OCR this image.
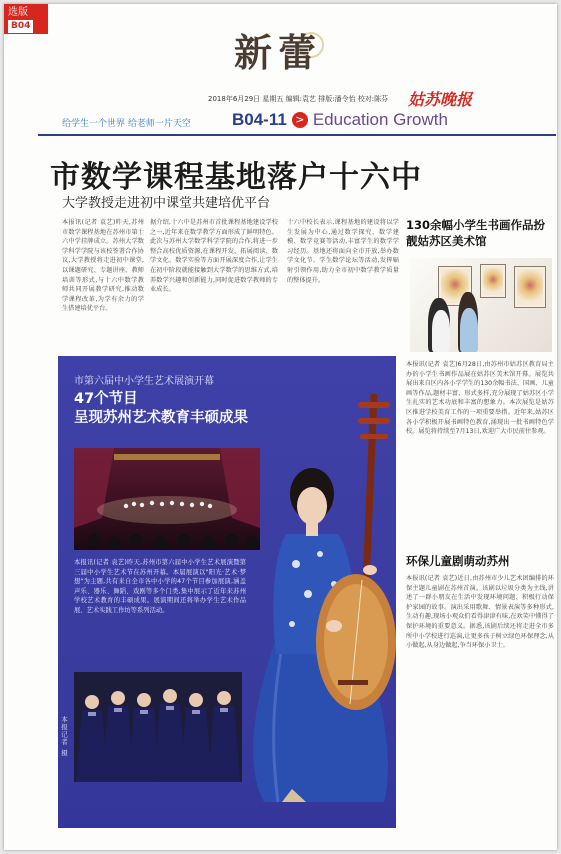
选版
B04
新蕾
2018年6月29日 星期五 编辑:袁艺 排版:潘令怡 校对:陈芬 姑苏晚报
给学生一个世界 给老师一片天空 B04-11 > Education Growth
市数学课程基地落户十六中
大学教授走进初中课堂共建培优平台
本报讯(记者 袁艺)昨天,苏州市数学课程基地在苏州市第十六中学挂牌成立。苏州大学数学科学学院与该校签署合作协议,大学教授将走进初中课堂,以课题研究、专题讲座、教师培训等形式,与十六中数学教师共同开展教学研究,推动数学课程改革,为学有余力的学生搭建培优平台。
据介绍,十六中是苏州市首批课程基地建设学校之一,近年来在数学教学方面形成了鲜明特色。此次与苏州大学数学科学学院的合作,将进一步整合高校优质资源,在课程开发、拓展阅读、数学文化、数学实验等方面开展深度合作,让学生在初中阶段就能接触到大学数学的思维方式,培养数学兴趣和创新能力,同时促进数学教师的专业成长。
十六中校长表示,课程基地的建设将以学生发展为中心,通过数学探究、数学建模、数学竞赛等活动,丰富学生的数学学习经历。基地还将面向全市开放,举办数学文化节、学生数学论坛等活动,发挥辐射引领作用,助力全市初中数学教学质量的整体提升。
130余幅小学生书画作品扮靓姑苏区美术馆
本报讯(记者 袁艺)6月28日,由苏州市姑苏区教育局主办的小学生书画作品展在姑苏区美术馆开幕。展览共展出来自区内各小学学生的130余幅书法、国画、儿童画等作品,题材丰富、形式多样,充分展现了姑苏区小学生扎实的艺术功底和丰富的想象力。本次展览是姑苏区推进学校美育工作的一项重要举措。近年来,姑苏区各小学积极开展书画特色教育,涌现出一批书画特色学校。展览将持续至7月13日,欢迎广大市民前往参观。
环保儿童剧萌动苏州
本报讯(记者 袁艺)近日,由苏州市少儿艺术团编排的环保主题儿童剧在苏州首演。该剧以垃圾分类为主线,讲述了一群小朋友在生活中发现环境问题、积极行动保护家园的故事。演出采用歌舞、情景表演等多种形式,生动有趣,现场小观众们看得津津有味,在欢笑中懂得了保护环境的重要意义。据悉,该剧后续还将走进全市多所中小学校进行巡演,让更多孩子树立绿色环保理念,从小做起,从身边做起,争当环保小卫士。
市第六届中小学生艺术展演开幕
47个节目
呈现苏州艺术教育丰硕成果
本报讯(记者 袁艺)昨天,苏州市第六届中小学生艺术展演暨第三届中小学生艺术节在苏州开幕。本届展演以"阳光·艺术·梦想"为主题,共有来自全市各中小学的47个节目参加展演,涵盖声乐、器乐、舞蹈、戏剧等多个门类,集中展示了近年来苏州学校艺术教育的丰硕成果。展演期间还将举办学生艺术作品展、艺术实践工作坊等系列活动。
本报记者 摄
